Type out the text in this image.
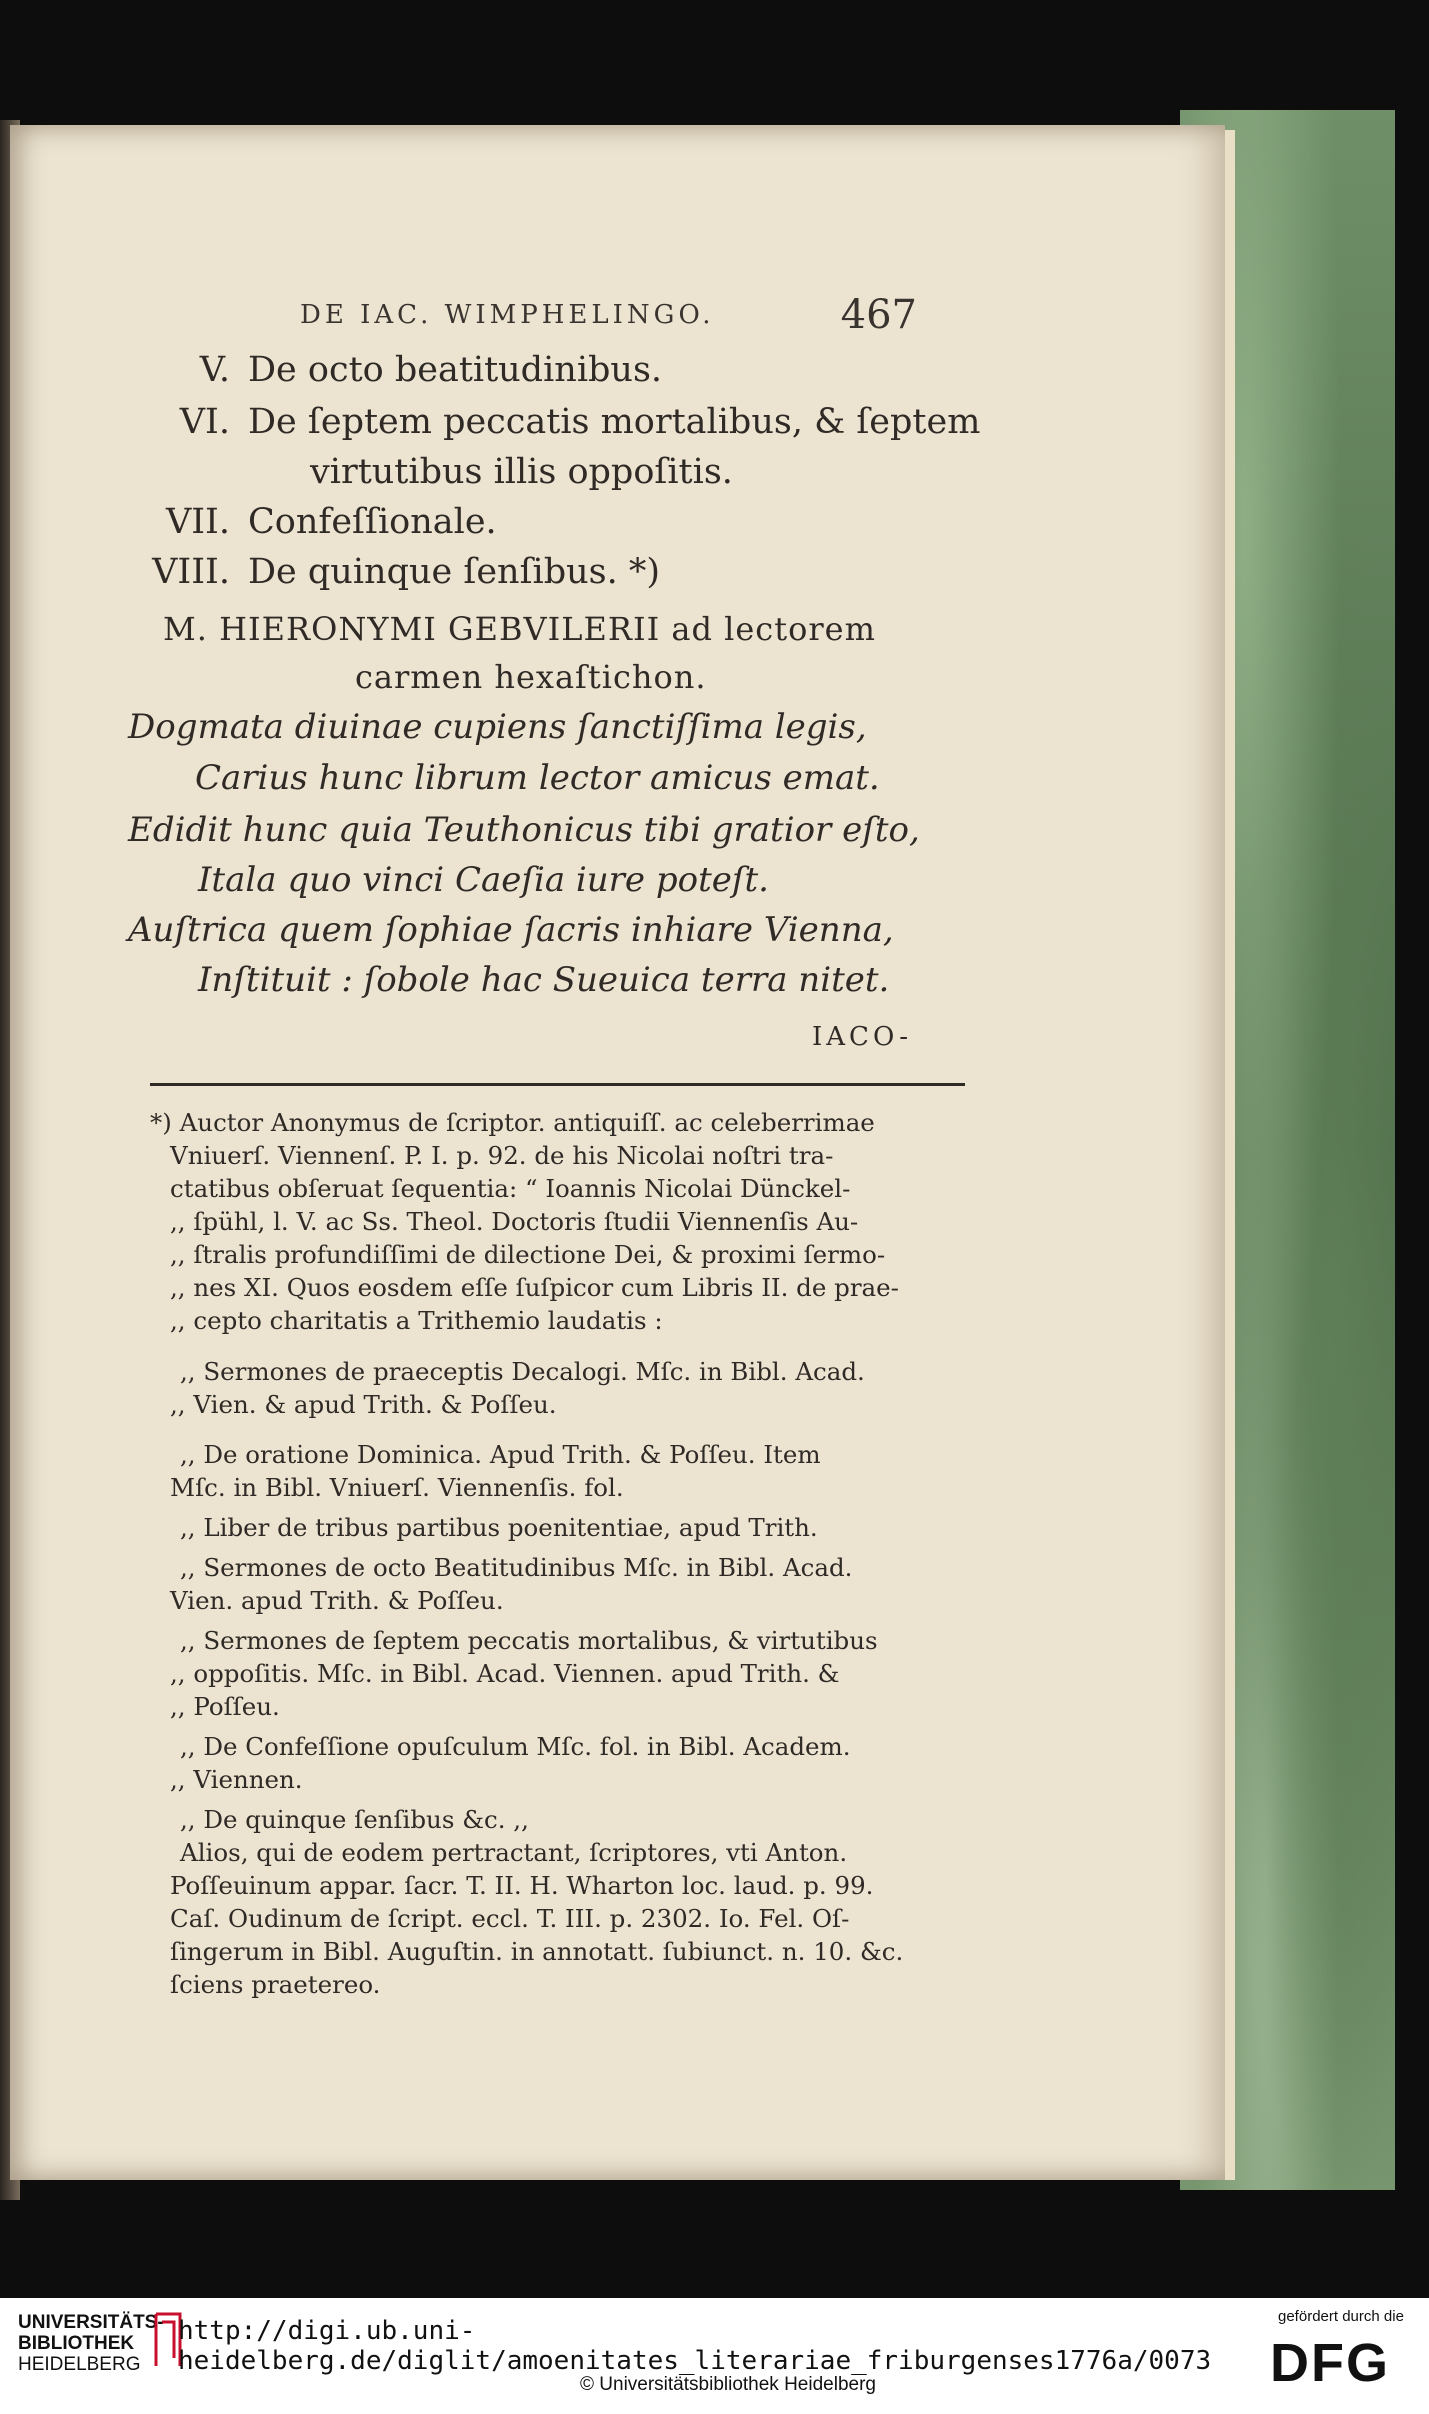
DE IAC. WIMPHELINGO.	467
V. De octo beatitudinibus.
VI. De ſeptem peccatis mortalibus, & ſeptem
virtutibus illis oppoſitis.
VII. Confeſſionale.
VIII. De quinque ſenſibus. *)
M. HIERONYMI GEBVILERII ad lectorem
carmen hexaſtichon.
Dogmata diuinae cupiens ſanctiſſima legis,
Carius hunc librum lector amicus emat.
Edidit hunc quia Teuthonicus tibi gratior eſto,
Itala quo vinci Caeſia iure poteſt.
Auſtrica quem ſophiae ſacris inhiare Vienna,
Inſtituit : ſobole hac Sueuica terra nitet.
IACO-
*) Auctor Anonymus de ſcriptor. antiquiſſ. ac celeberrimae
Vniuerſ. Viennenſ. P. I. p. 92. de his Nicolai noſtri tra-
ctatibus obſeruat ſequentia: “ Ioannis Nicolai Dünckel-
,, ſpühl, l. V. ac Ss. Theol. Doctoris ſtudii Viennenſis Au-
,, ſtralis profundiſſimi de dilectione Dei, & proximi ſermo-
,, nes XI. Quos eosdem eſſe ſuſpicor cum Libris II. de prae-
,, cepto charitatis a Trithemio laudatis :
,, Sermones de praeceptis Decalogi. Mſc. in Bibl. Acad.
,, Vien. & apud Trith. & Poſſeu.
,, De oratione Dominica. Apud Trith. & Poſſeu. Item
Mſc. in Bibl. Vniuerſ. Viennenſis. fol.
,, Liber de tribus partibus poenitentiae, apud Trith.
,, Sermones de octo Beatitudinibus Mſc. in Bibl. Acad.
Vien. apud Trith. & Poſſeu.
,, Sermones de ſeptem peccatis mortalibus, & virtutibus
,, oppoſitis. Mſc. in Bibl. Acad. Viennen. apud Trith. &
,, Poſſeu.
,, De Confeſſione opuſculum Mſc. fol. in Bibl. Academ.
,, Viennen.
,, De quinque ſenſibus &c. ,,
Alios, qui de eodem pertractant, ſcriptores, vti Anton.
Poſſeuinum appar. ſacr. T. II. H. Wharton loc. laud. p. 99.
Caſ. Oudinum de ſcript. eccl. T. III. p. 2302. Io. Fel. Oſ-
ſingerum in Bibl. Auguſtin. in annotatt. ſubiunct. n. 10. &c.
ſciens praetereo.
UNIVERSITÄTS-
BIBLIOTHEK
HEIDELBERG
http://digi.ub.uni-heidelberg.de/diglit/amoenitates_literariae_friburgenses1776a/0073
© Universitätsbibliothek Heidelberg
gefördert durch die
DFG
